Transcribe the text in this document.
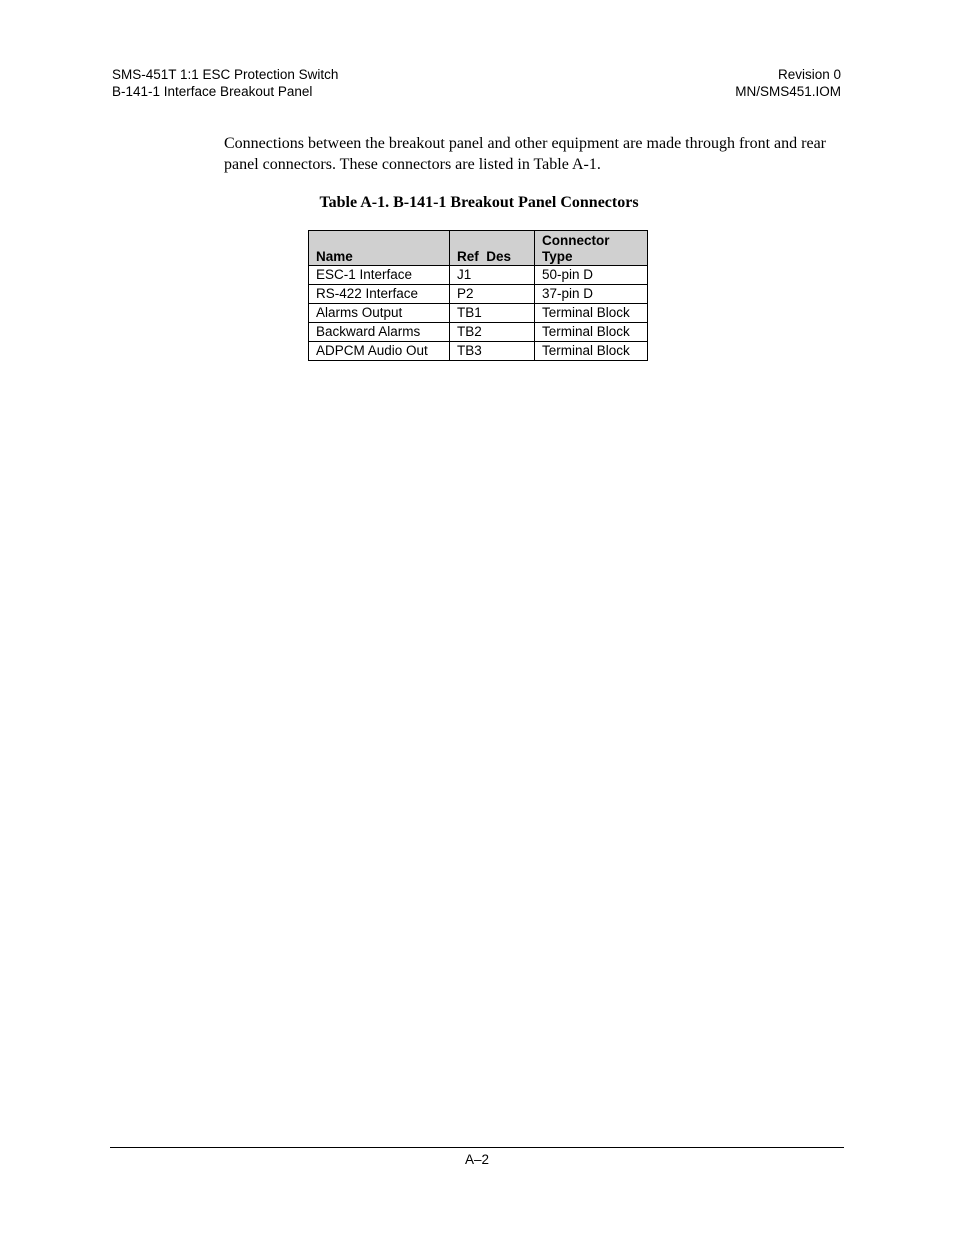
SMS-451T 1:1 ESC Protection Switch
B-141-1 Interface Breakout Panel
Revision 0
MN/SMS451.IOM

Connections between the breakout panel and other equipment are made through front and rear panel connectors. These connectors are listed in Table A-1.

Table A-1. B-141-1 Breakout Panel Connectors
Name	Ref  Des	Connector Type
ESC-1 Interface	J1	50-pin D
RS-422 Interface	P2	37-pin D
Alarms Output	TB1	Terminal Block
Backward Alarms	TB2	Terminal Block
ADPCM Audio Out	TB3	Terminal Block
A–2
